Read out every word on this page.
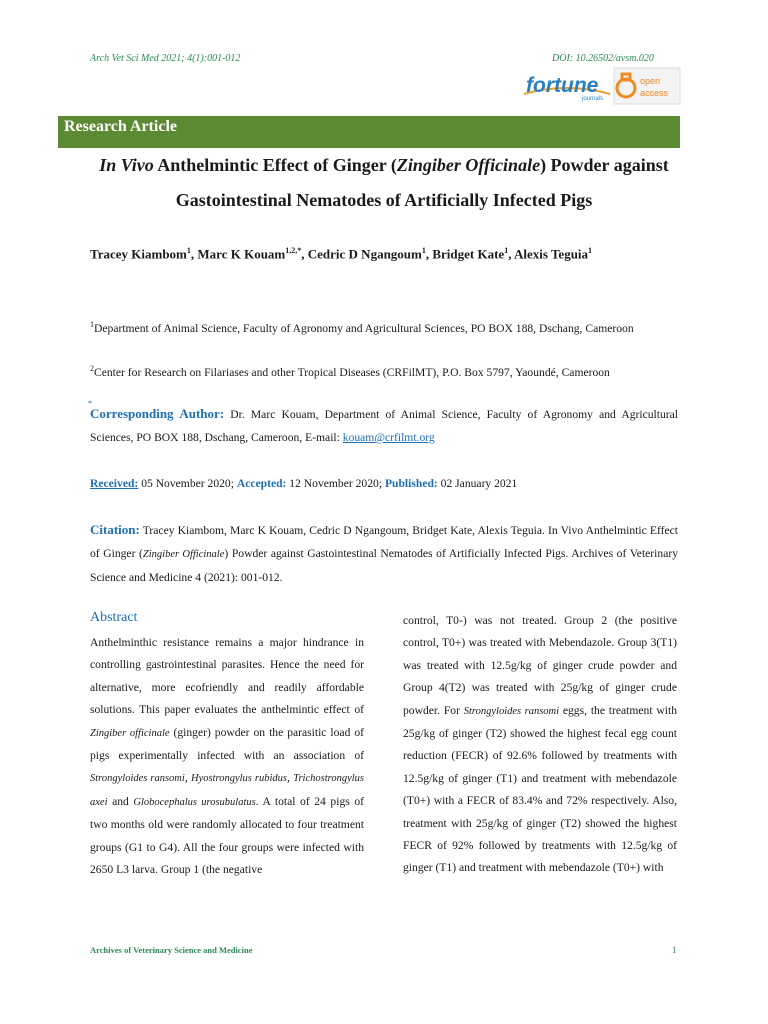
Arch Vet Sci Med 2021; 4(1):001-012	DOI: 10.26502/avsm.020
fortune
journals
open
access
Research Article
In Vivo Anthelmintic Effect of Ginger (Zingiber Officinale) Powder against Gastointestinal Nematodes of Artificially Infected Pigs
Tracey Kiambom$^1$, Marc K Kouam$^{1,2,*}$, Cedric D Ngangoum$^1$, Bridget Kate$^1$, Alexis Teguia$^1$
$^1$Department of Animal Science, Faculty of Agronomy and Agricultural Sciences, PO BOX 188, Dschang, Cameroon
$^2$Center for Research on Filariases and other Tropical Diseases (CRFilMT), P.O. Box 5797, Yaoundé, Cameroon
*
Corresponding Author: Dr. Marc Kouam, Department of Animal Science, Faculty of Agronomy and Agricultural Sciences, PO BOX 188, Dschang, Cameroon, E-mail: kouam@crfilmt.org
Received: 05 November 2020; Accepted: 12 November 2020; Published: 02 January 2021
Citation: Tracey Kiambom, Marc K Kouam, Cedric D Ngangoum, Bridget Kate, Alexis Teguia. In Vivo Anthelmintic Effect of Ginger (Zingiber Officinale) Powder against Gastointestinal Nematodes of Artificially Infected Pigs. Archives of Veterinary Science and Medicine 4 (2021): 001-012.
Abstract
Anthelminthic resistance remains a major hindrance in controlling gastrointestinal parasites. Hence the need for alternative, more ecofriendly and readily affordable solutions. This paper evaluates the anthelmintic effect of Zingiber officinale (ginger) powder on the parasitic load of pigs experimentally infected with an association of Strongyloides ransomi, Hyostrongylus rubidus, Trichostrongylus axei and Globocephalus urosubulatus. A total of 24 pigs of two months old were randomly allocated to four treatment groups (G1 to G4). All the four groups were infected with 2650 L3 larva. Group 1 (the negative
control, T0-) was not treated. Group 2 (the positive control, T0+) was treated with Mebendazole. Group 3(T1) was treated with 12.5g/kg of ginger crude powder and Group 4(T2) was treated with 25g/kg of ginger crude powder. For Strongyloides ransomi eggs, the treatment with 25g/kg of ginger (T2) showed the highest fecal egg count reduction (FECR) of 92.6% followed by treatments with 12.5g/kg of ginger (T1) and treatment with mebendazole (T0+) with a FECR of 83.4% and 72% respectively. Also, treatment with 25g/kg of ginger (T2) showed the highest FECR of 92% followed by treatments with 12.5g/kg of ginger (T1) and treatment with mebendazole (T0+) with
Archives of Veterinary Science and Medicine	1
